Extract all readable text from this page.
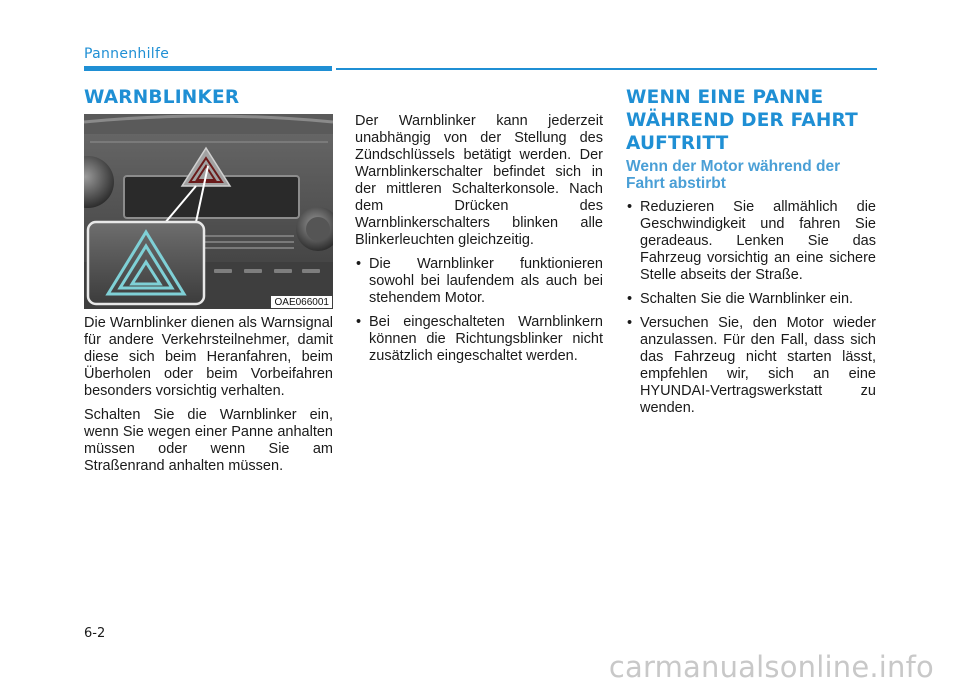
Pannenhilfe
WARNBLINKER	WENN EINE PANNE WÄHREND DER FAHRT AUFTRITT
OAE066001

Die Warnblinker dienen als Warnsignal für andere Verkehrsteilnehmer, damit diese sich beim Heranfahren, beim Überholen oder beim Vorbeifahren besonders vorsichtig verhalten.

Schalten Sie die Warnblinker ein, wenn Sie wegen einer Panne anhalten müssen oder wenn Sie am Straßenrand anhalten müssen.

Der Warnblinker kann jederzeit unabhängig von der Stellung des Zündschlüssels betätigt werden. Der Warnblinkerschalter befindet sich in der mittleren Schalterkonsole. Nach dem Drücken des Warnblinkerschalters blinken alle Blinkerleuchten gleichzeitig.

• Die Warnblinker funktionieren sowohl bei laufendem als auch bei stehendem Motor.
• Bei eingeschalteten Warnblinkern können die Richtungsblinker nicht zusätzlich eingeschaltet werden.
Wenn der Motor während der Fahrt abstirbt
• Reduzieren Sie allmählich die Geschwindigkeit und fahren Sie geradeaus. Lenken Sie das Fahrzeug vorsichtig an eine sichere Stelle abseits der Straße.
• Schalten Sie die Warnblinker ein.
• Versuchen Sie, den Motor wieder anzulassen. Für den Fall, dass sich das Fahrzeug nicht starten lässt, empfehlen wir, sich an eine HYUNDAI-Vertragswerkstatt zu wenden.
6-2
carmanualsonline.info
